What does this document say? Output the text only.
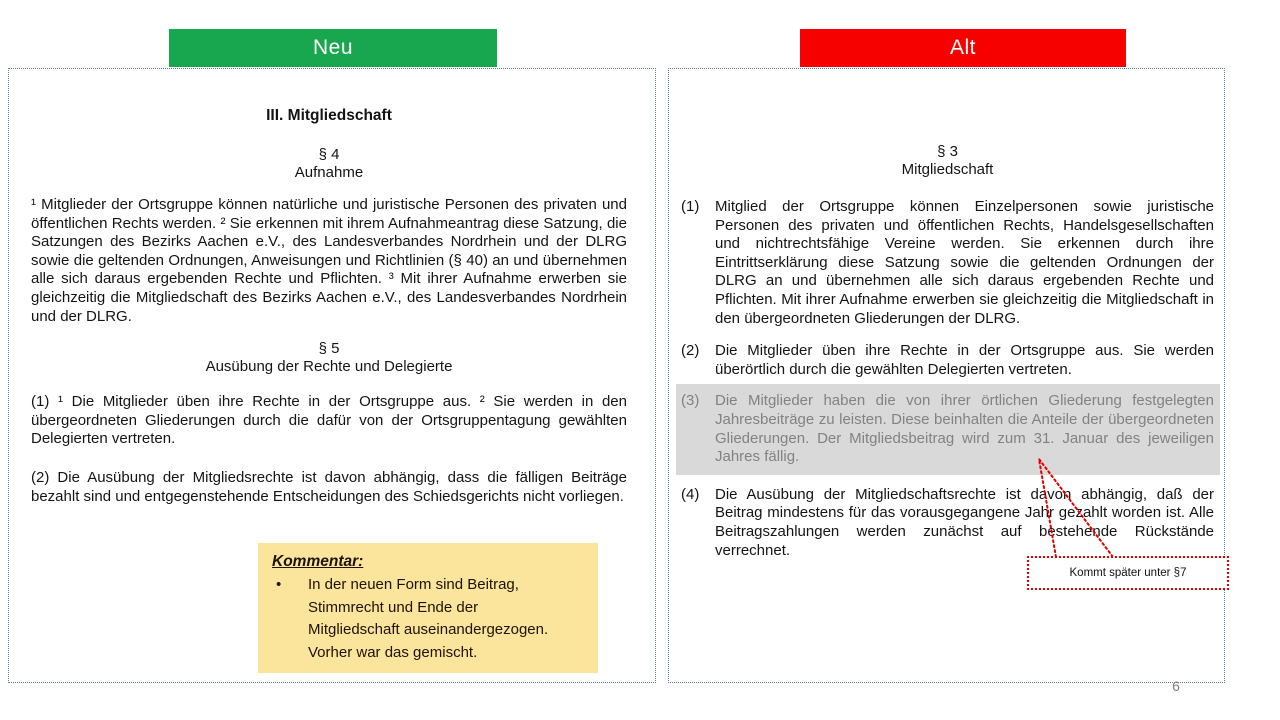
Neu	Alt
III. Mitgliedschaft
§ 4
Aufnahme

¹ Mitglieder der Ortsgruppe können natürliche und juristische Personen des privaten und öffentlichen Rechts werden. ² Sie erkennen mit ihrem Aufnahmeantrag diese Satzung, die Satzungen des Bezirks Aachen e.V., des Landesverbandes Nordrhein und der DLRG sowie die geltenden Ordnungen, Anweisungen und Richtlinien (§ 40) an und übernehmen alle sich daraus ergebenden Rechte und Pflichten. ³ Mit ihrer Aufnahme erwerben sie gleichzeitig die Mitgliedschaft des Bezirks Aachen e.V., des Landesverbandes Nordrhein und der DLRG.

§ 5
Ausübung der Rechte und Delegierte

(1) ¹ Die Mitglieder üben ihre Rechte in der Ortsgruppe aus. ² Sie werden in den übergeordneten Gliederungen durch die dafür von der Ortsgruppentagung gewählten Delegierten vertreten.

(2) Die Ausübung der Mitgliedsrechte ist davon abhängig, dass die fälligen Beiträge bezahlt sind und entgegenstehende Entscheidungen des Schiedsgerichts nicht vorliegen.

Kommentar:
•	In der neuen Form sind Beitrag, Stimmrecht und Ende der Mitgliedschaft auseinandergezogen. Vorher war das gemischt.
§ 3
Mitgliedschaft
(1)	Mitglied der Ortsgruppe können Einzelpersonen sowie juristische Personen des privaten und öffentlichen Rechts, Handelsgesellschaften und nichtrechtsfähige Vereine werden. Sie erkennen durch ihre Eintrittserklärung diese Satzung sowie die geltenden Ordnungen der DLRG an und übernehmen alle sich daraus ergebenden Rechte und Pflichten. Mit ihrer Aufnahme erwerben sie gleichzeitig die Mitgliedschaft in den übergeordneten Gliederungen der DLRG.
(2)	Die Mitglieder üben ihre Rechte in der Ortsgruppe aus. Sie werden überörtlich durch die gewählten Delegierten vertreten.
(3)	Die Mitglieder haben die von ihrer örtlichen Gliederung festgelegten Jahresbeiträge zu leisten. Diese beinhalten die Anteile der übergeordneten Gliederungen. Der Mitgliedsbeitrag wird zum 31. Januar des jeweiligen Jahres fällig.
(4)	Die Ausübung der Mitgliedschaftsrechte ist davon abhängig, daß der Beitrag mindestens für das vorausgegangene Jahr gezahlt worden ist. Alle Beitragszahlungen werden zunächst auf bestehende Rückstände verrechnet.
Kommt später unter §7
6
